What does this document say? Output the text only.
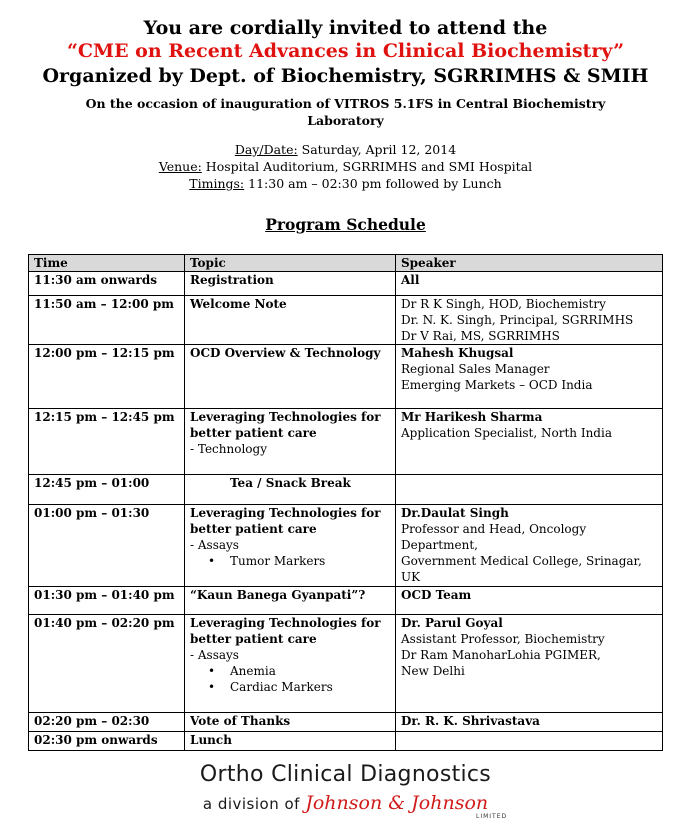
You are cordially invited to attend the
“CME on Recent Advances in Clinical Biochemistry”
Organized by Dept. of Biochemistry, SGRRIMHS & SMIH
On the occasion of inauguration of VITROS 5.1FS in Central Biochemistry
Laboratory
Day/Date: Saturday, April 12, 2014
Venue: Hospital Auditorium, SGRRIMHS and SMI Hospital
Timings: 11:30 am – 02:30 pm followed by Lunch
Program Schedule
Time	Topic	Speaker
11:30 am onwards	Registration	All
11:50 am – 12:00 pm	Welcome Note	Dr R K Singh, HOD, Biochemistry
Dr. N. K. Singh, Principal, SGRRIMHS
Dr V Rai, MS, SGRRIMHS

12:00 pm – 12:15 pm	OCD Overview & Technology	Mahesh Khugsal
Regional Sales Manager
Emerging Markets – OCD India

12:15 pm – 12:45 pm	Leveraging Technologies for
better patient care
- Technology	Mr Harikesh Sharma
Application Specialist, North India

12:45 pm – 01:00	Tea / Snack Break	

01:00 pm – 01:30	Leveraging Technologies for
better patient care
- Assays
• Tumor Markers	Dr.Daulat Singh
Professor and Head, Oncology Department,
Government Medical College, Srinagar, UK

01:30 pm – 01:40 pm	“Kaun Banega Gyanpati”?	OCD Team
01:40 pm – 02:20 pm	Leveraging Technologies for
better patient care
- Assays
• Anemia
• Cardiac Markers	Dr. Parul Goyal
Assistant Professor, Biochemistry
Dr Ram ManoharLohia PGIMER,
New Delhi

02:20 pm – 02:30	Vote of Thanks	Dr. R. K. Shrivastava
02:30 pm onwards	Lunch	
Ortho Clinical Diagnostics
a division of Johnson & Johnson
LIMITED
